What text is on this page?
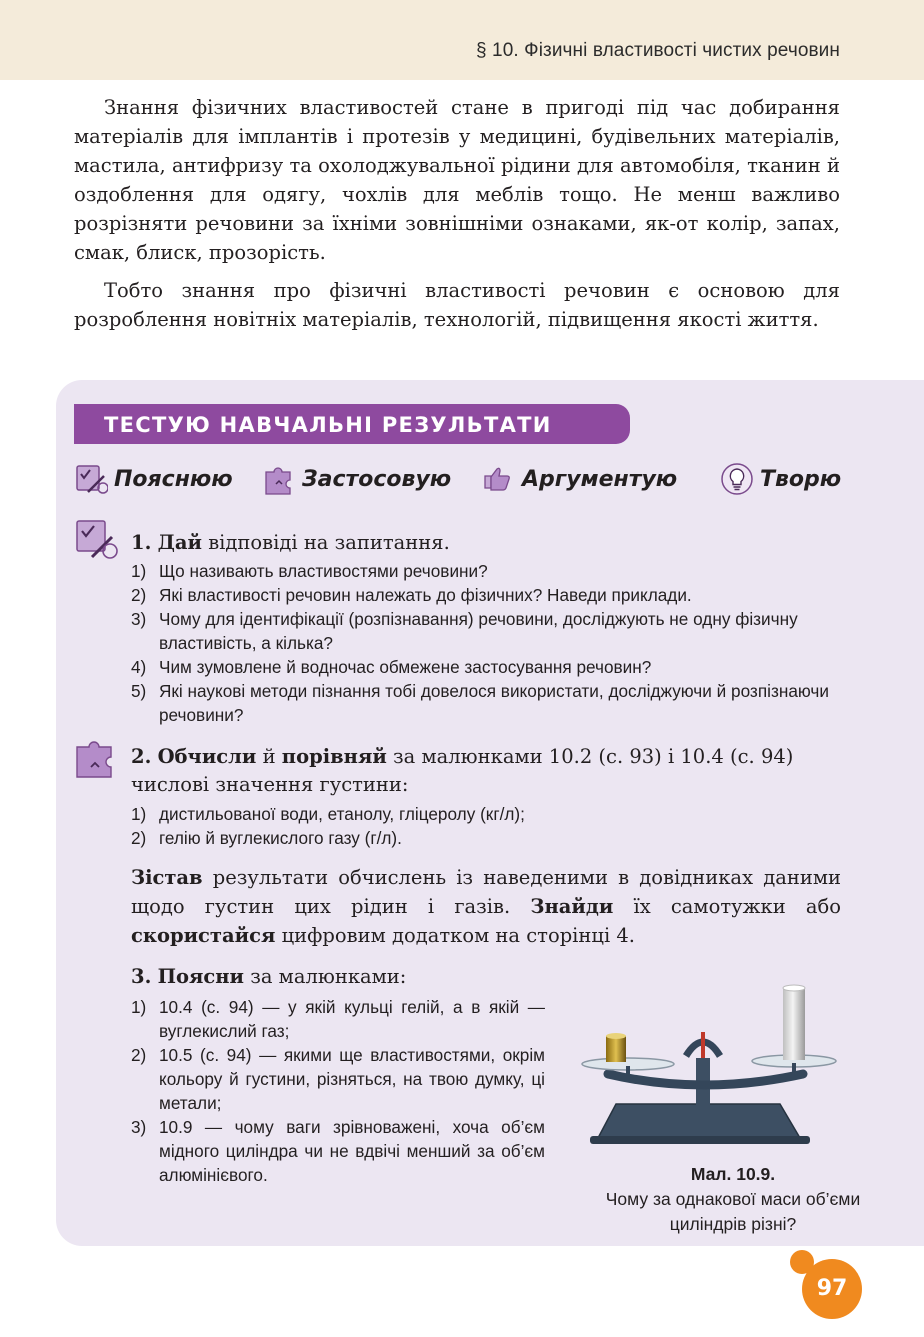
§ 10. Фізичні властивості чистих речовин

Знання фізичних властивостей стане в пригоді під час добирання матеріалів для імплантів і протезів у медицині, будівельних матеріалів, мастила, антифризу та охолоджувальної рідини для автомобіля, тканин й оздоблення для одягу, чохлів для меблів тощо. Не менш важливо розрізняти речовини за їхніми зовнішніми ознаками, як-от колір, запах, смак, блиск, прозорість.

Тобто знання про фізичні властивості речовин є основою для розроблення новітніх матеріалів, технологій, підвищення якості життя.

ТЕСТУЮ НАВЧАЛЬНІ РЕЗУЛЬТАТИ
Пояснюю	Застосовую	Аргументую	Творю
1. Дай відповіді на запитання.
1) Що називають властивостями речовини?
2) Які властивості речовин належать до фізичних? Наведи приклади.
3) Чому для ідентифікації (розпізнавання) речовини, досліджують не одну фізичну властивість, а кілька?
4) Чим зумовлене й водночас обмежене застосування речовин?
5) Які наукові методи пізнання тобі довелося використати, досліджуючи й розпізнаючи речовини?
2. Обчисли й порівняй за малюнками 10.2 (с. 93) і 10.4 (с. 94) числові значення густини:
1) дистильованої води, етанолу, гліцеролу (кг/л);
2) гелію й вуглекислого газу (г/л).
Зістав результати обчислень із наведеними в довідниках даними щодо густин цих рідин і газів. Знайди їх самотужки або скористайся цифровим додатком на сторінці 4.
3. Поясни за малюнками:
1) 10.4 (с. 94) — у якій кульці гелій, а в якій — вуглекислий газ;
2) 10.5 (с. 94) — якими ще властивостями, окрім кольору й густини, різняться, на твою думку, ці метали;
3) 10.9 — чому ваги зрівноважені, хоча об’єм мідного циліндра чи не вдвічі менший за об’єм алюмінієвого.	Мал. 10.9.
Чому за однакової маси об’єми циліндрів різні?
97
